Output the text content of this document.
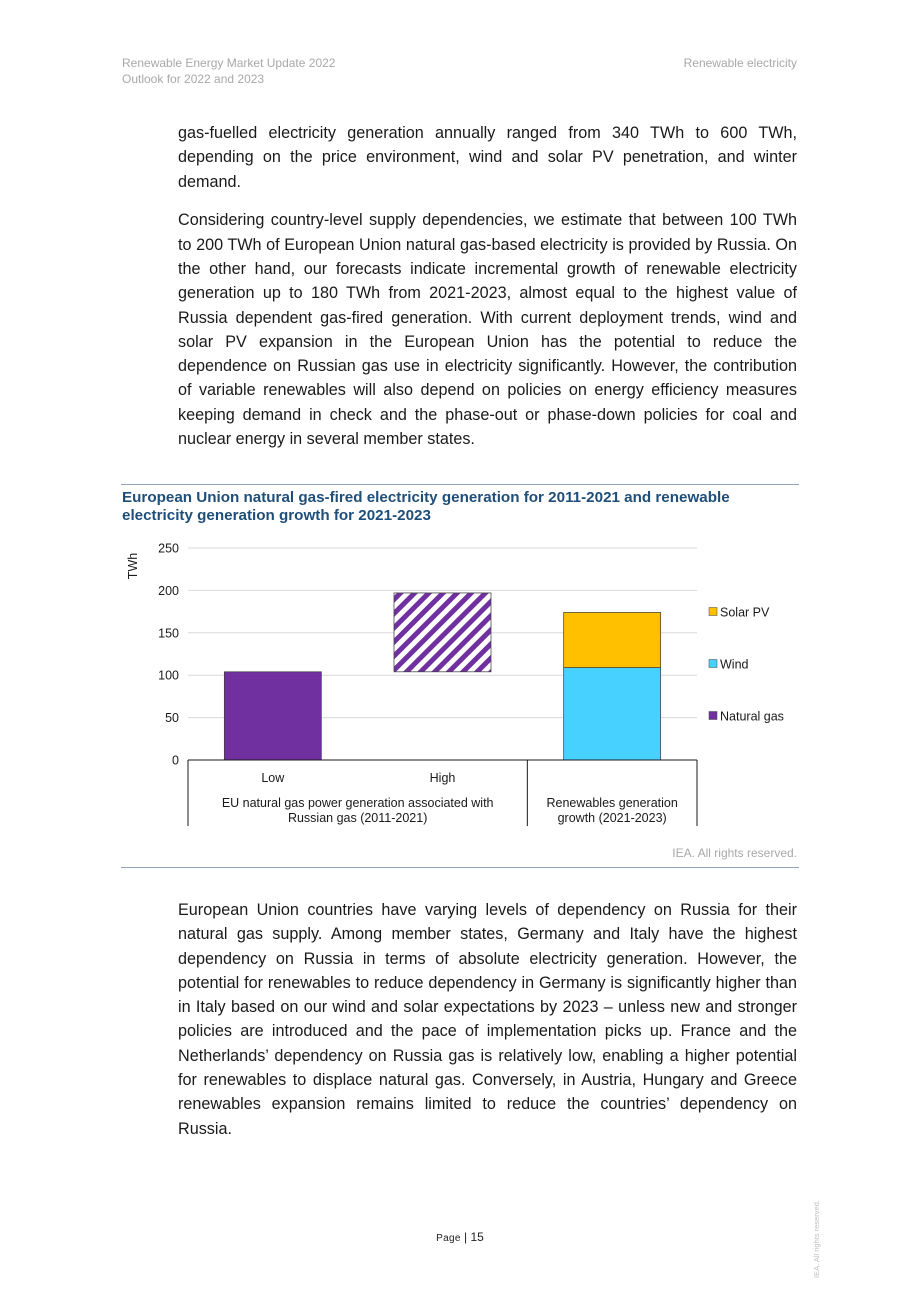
Renewable Energy Market Update 2022
Outlook for 2022 and 2023
Renewable electricity

gas-fuelled electricity generation annually ranged from 340 TWh to 600 TWh, depending on the price environment, wind and solar PV penetration, and winter demand.

Considering country-level supply dependencies, we estimate that between 100 TWh to 200 TWh of European Union natural gas-based electricity is provided by Russia. On the other hand, our forecasts indicate incremental growth of renewable electricity generation up to 180 TWh from 2021-2023, almost equal to the highest value of Russia dependent gas-fired generation. With current deployment trends, wind and solar PV expansion in the European Union has the potential to reduce the dependence on Russian gas use in electricity significantly. However, the contribution of variable renewables will also depend on policies on energy efficiency measures keeping demand in check and the phase-out or phase-down policies for coal and nuclear energy in several member states.

European Union natural gas-fired electricity generation for 2011-2021 and renewable electricity generation growth for 2021-2023
0
50
100
150
200
250
TWh
Low	High
EU natural gas power generation associated with Russian gas (2011-2021)
Renewables generation growth (2021-2023)
Solar PV
Wind
Natural gas
IEA. All rights reserved.

European Union countries have varying levels of dependency on Russia for their natural gas supply. Among member states, Germany and Italy have the highest dependency on Russia in terms of absolute electricity generation. However, the potential for renewables to reduce dependency in Germany is significantly higher than in Italy based on our wind and solar expectations by 2023 – unless new and stronger policies are introduced and the pace of implementation picks up. France and the Netherlands’ dependency on Russia gas is relatively low, enabling a higher potential for renewables to displace natural gas. Conversely, in Austria, Hungary and Greece renewables expansion remains limited to reduce the countries’ dependency on Russia.

Page | 15	IEA. All rights reserved.
